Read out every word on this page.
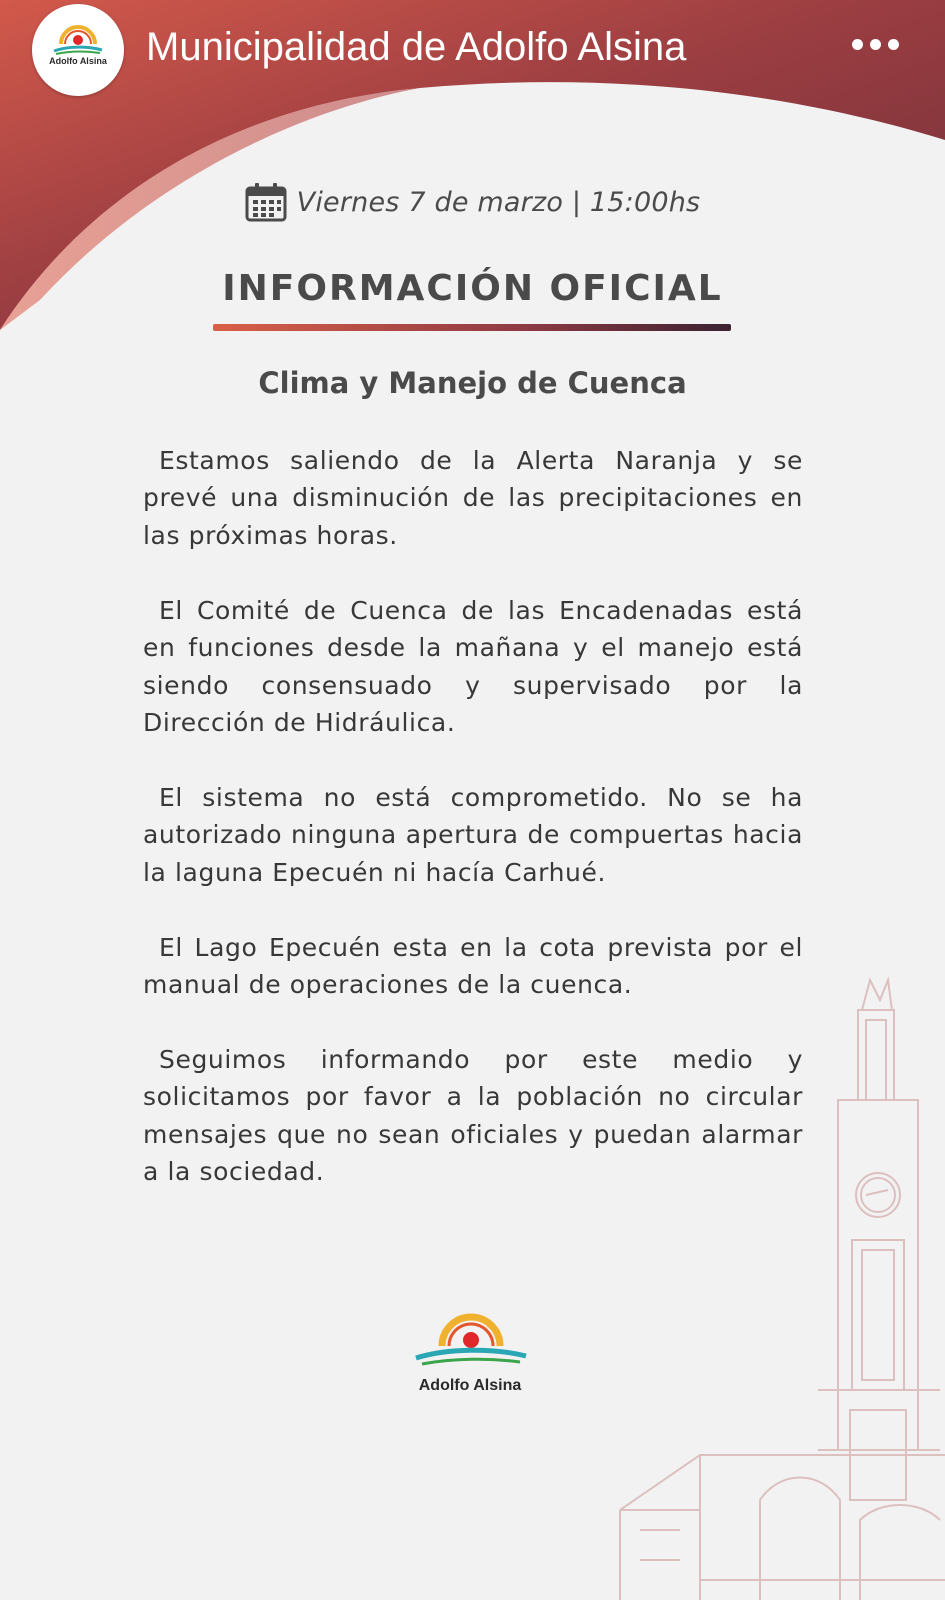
Adolfo Alsina Municipalidad de Adolfo Alsina
Viernes 7 de marzo | 15:00hs
INFORMACIÓN OFICIAL
Clima y Manejo de Cuenca

Estamos saliendo de la Alerta Naranja y se prevé una disminución de las precipitaciones en las próximas horas.

El Comité de Cuenca de las Encadenadas está en funciones desde la mañana y el manejo está siendo consensuado y supervisado por la Dirección de Hidráulica.

El sistema no está comprometido. No se ha autorizado ninguna apertura de compuertas hacia la laguna Epecuén ni hacía Carhué.

El Lago Epecuén esta en la cota prevista por el manual de operaciones de la cuenca.

Seguimos informando por este medio y solicitamos por favor a la población no circular mensajes que no sean oficiales y puedan alarmar a la sociedad.

Adolfo Alsina
